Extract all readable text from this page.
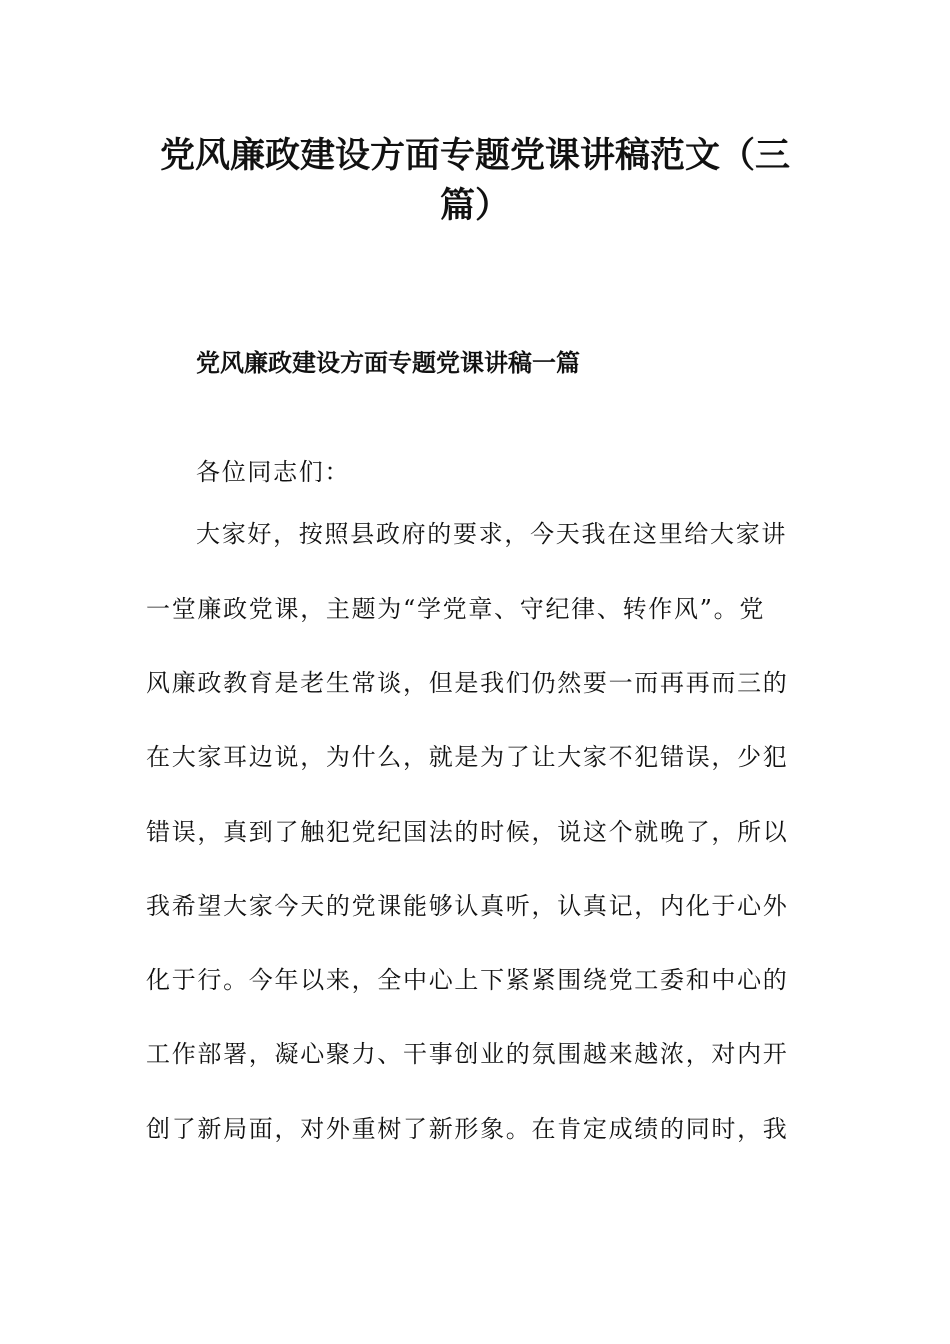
党风廉政建设方面专题党课讲稿范文（三
篇）
党风廉政建设方面专题党课讲稿一篇

各位同志们：

大家好，按照县政府的要求，今天我在这里给大家讲

一堂廉政党课，主题为“学党章、守纪律、转作风”。党

风廉政教育是老生常谈，但是我们仍然要一而再再而三的

在大家耳边说，为什么，就是为了让大家不犯错误，少犯

错误，真到了触犯党纪国法的时候，说这个就晚了，所以

我希望大家今天的党课能够认真听，认真记，内化于心外

化于行。今年以来，全中心上下紧紧围绕党工委和中心的

工作部署，凝心聚力、干事创业的氛围越来越浓，对内开

创了新局面，对外重树了新形象。在肯定成绩的同时，我
